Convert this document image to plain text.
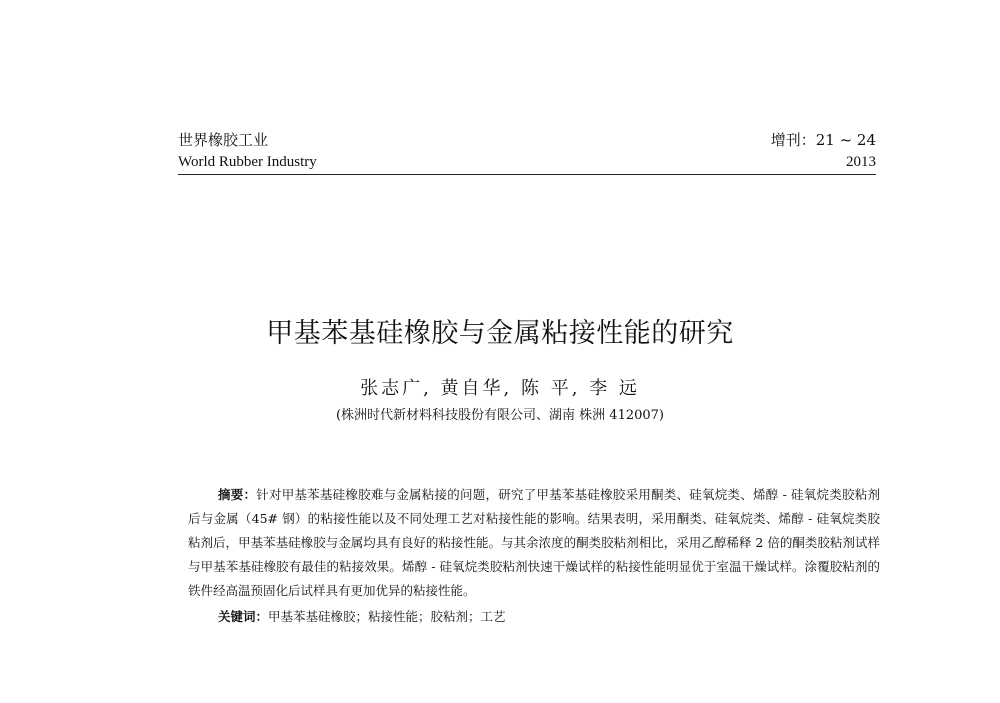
世界橡胶工业
World Rubber Industry
增刊：21 ~ 24
2013
甲基苯基硅橡胶与金属粘接性能的研究
张志广, 黄自华, 陈 平, 李 远
(株洲时代新材料科技股份有限公司、湖南 株洲 412007)

摘要：针对甲基苯基硅橡胶难与金属粘接的问题，研究了甲基苯基硅橡胶采用酮类、硅氧烷类、烯醇 - 硅氧烷类胶粘剂后与金属（45# 钢）的粘接性能以及不同处理工艺对粘接性能的影响。结果表明，采用酮类、硅氧烷类、烯醇 - 硅氧烷类胶粘剂后，甲基苯基硅橡胶与金属均具有良好的粘接性能。与其余浓度的酮类胶粘剂相比，采用乙醇稀释 2 倍的酮类胶粘剂试样与甲基苯基硅橡胶有最佳的粘接效果。烯醇 - 硅氧烷类胶粘剂快速干燥试样的粘接性能明显优于室温干燥试样。涂覆胶粘剂的铁件经高温预固化后试样具有更加优异的粘接性能。

关键词：甲基苯基硅橡胶；粘接性能；胶粘剂；工艺
